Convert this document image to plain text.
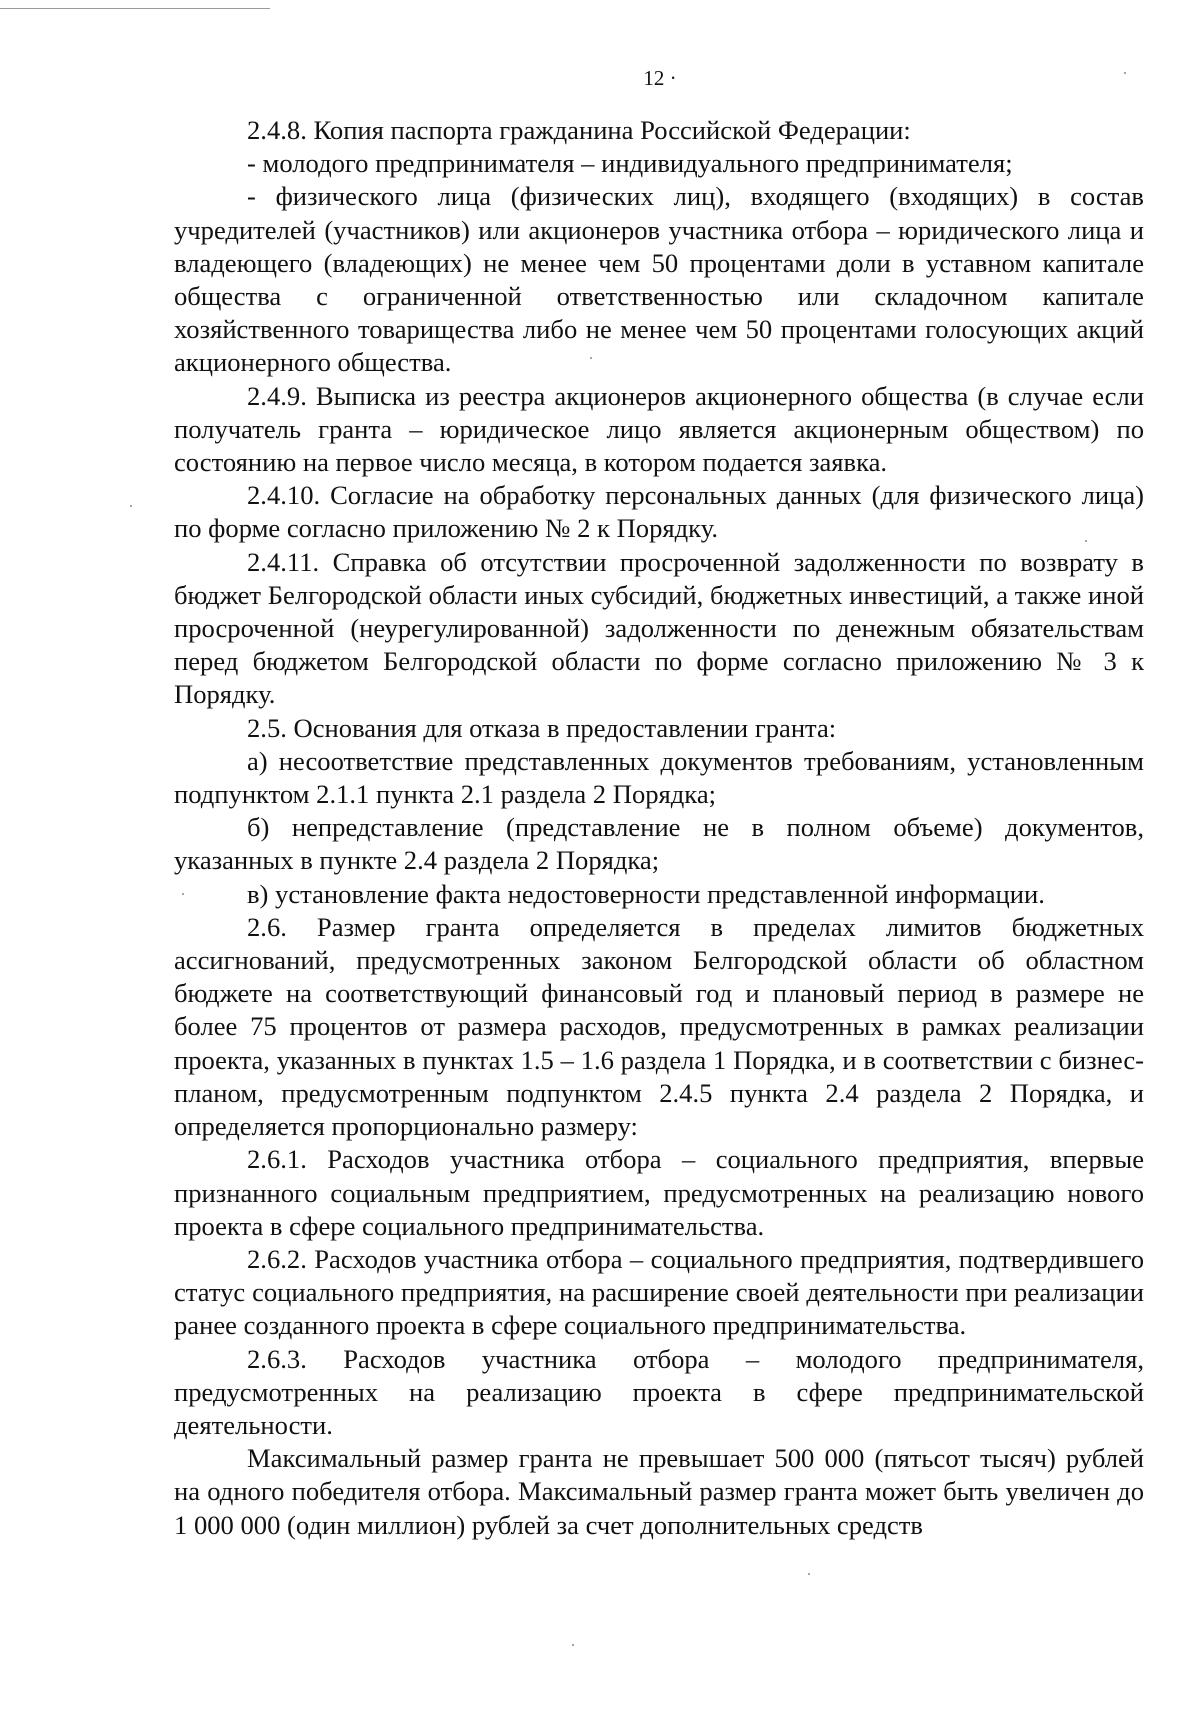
12 ·

2.4.8. Копия паспорта гражданина Российской Федерации:

- молодого предпринимателя – индивидуального предпринимателя;

- физического лица (физических лиц), входящего (входящих) в состав учредителей (участников) или акционеров участника отбора – юридического лица и владеющего (владеющих) не менее чем 50 процентами доли в уставном капитале общества с ограниченной ответственностью или складочном капитале хозяйственного товарищества либо не менее чем 50 процентами голосующих акций акционерного общества.

2.4.9. Выписка из реестра акционеров акционерного общества (в случае если получатель гранта – юридическое лицо является акционерным обществом) по состоянию на первое число месяца, в котором подается заявка.

2.4.10. Согласие на обработку персональных данных (для физического лица) по форме согласно приложению № 2 к Порядку.

2.4.11. Справка об отсутствии просроченной задолженности по возврату в бюджет Белгородской области иных субсидий, бюджетных инвестиций, а также иной просроченной (неурегулированной) задолженности по денежным обязательствам перед бюджетом Белгородской области по форме согласно приложению № 3 к Порядку.

2.5. Основания для отказа в предоставлении гранта:

а) несоответствие представленных документов требованиям, установленным подпунктом 2.1.1 пункта 2.1 раздела 2 Порядка;

б) непредставление (представление не в полном объеме) документов, указанных в пункте 2.4 раздела 2 Порядка;

в) установление факта недостоверности представленной информации.

2.6. Размер гранта определяется в пределах лимитов бюджетных ассигнований, предусмотренных законом Белгородской области об областном бюджете на соответствующий финансовый год и плановый период в размере не более 75 процентов от размера расходов, предусмотренных в рамках реализации проекта, указанных в пунктах 1.5 – 1.6 раздела 1 Порядка, и в соответствии с бизнес-планом, предусмотренным подпунктом 2.4.5 пункта 2.4 раздела 2 Порядка, и определяется пропорционально размеру:

2.6.1. Расходов участника отбора – социального предприятия, впервые признанного социальным предприятием, предусмотренных на реализацию нового проекта в сфере социального предпринимательства.

2.6.2. Расходов участника отбора – социального предприятия, подтвердившего статус социального предприятия, на расширение своей деятельности при реализации ранее созданного проекта в сфере социального предпринимательства.

2.6.3. Расходов участника отбора – молодого предпринимателя, предусмотренных на реализацию проекта в сфере предпринимательской деятельности.

Максимальный размер гранта не превышает 500 000 (пятьсот тысяч) рублей на одного победителя отбора. Максимальный размер гранта может быть увеличен до 1 000 000 (один миллион) рублей за счет дополнительных средств
